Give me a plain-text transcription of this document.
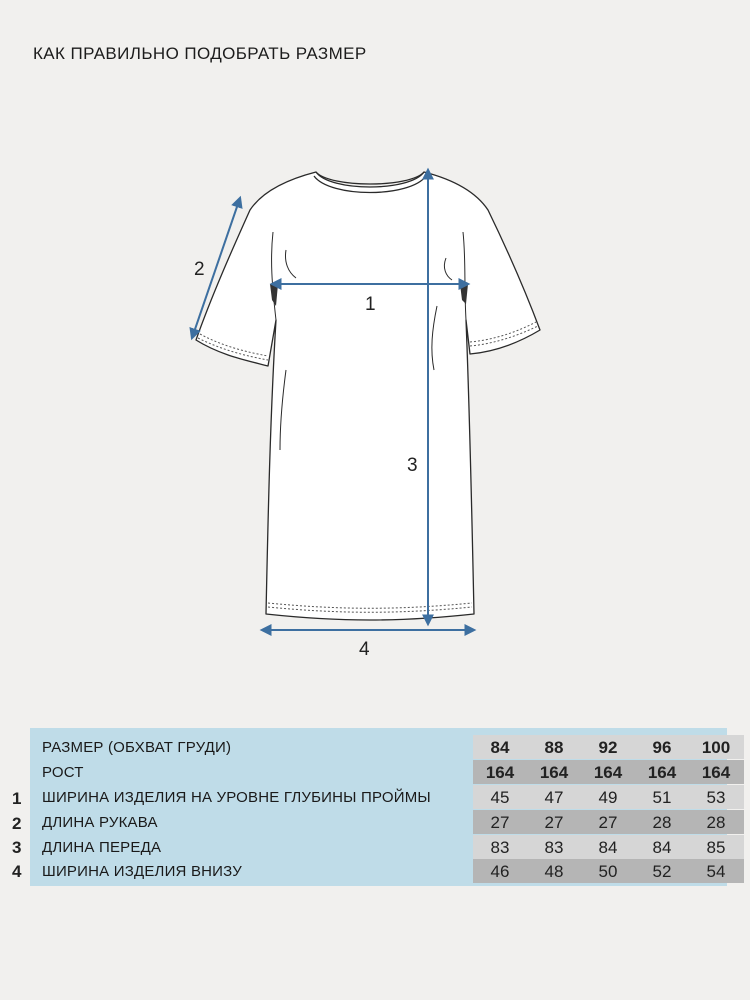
КАК ПРАВИЛЬНО ПОДОБРАТЬ РАЗМЕР
1
2
3
4
1
2
3
4
РАЗМЕР (ОБХВАТ ГРУДИ)	84	88	92	96	100
РОСТ	164	164	164	164	164
ШИРИНА ИЗДЕЛИЯ НА УРОВНЕ ГЛУБИНЫ ПРОЙМЫ	45	47	49	51	53
ДЛИНА РУКАВА	27	27	27	28	28
ДЛИНА ПЕРЕДА	83	83	84	84	85
ШИРИНА ИЗДЕЛИЯ ВНИЗУ	46	48	50	52	54
